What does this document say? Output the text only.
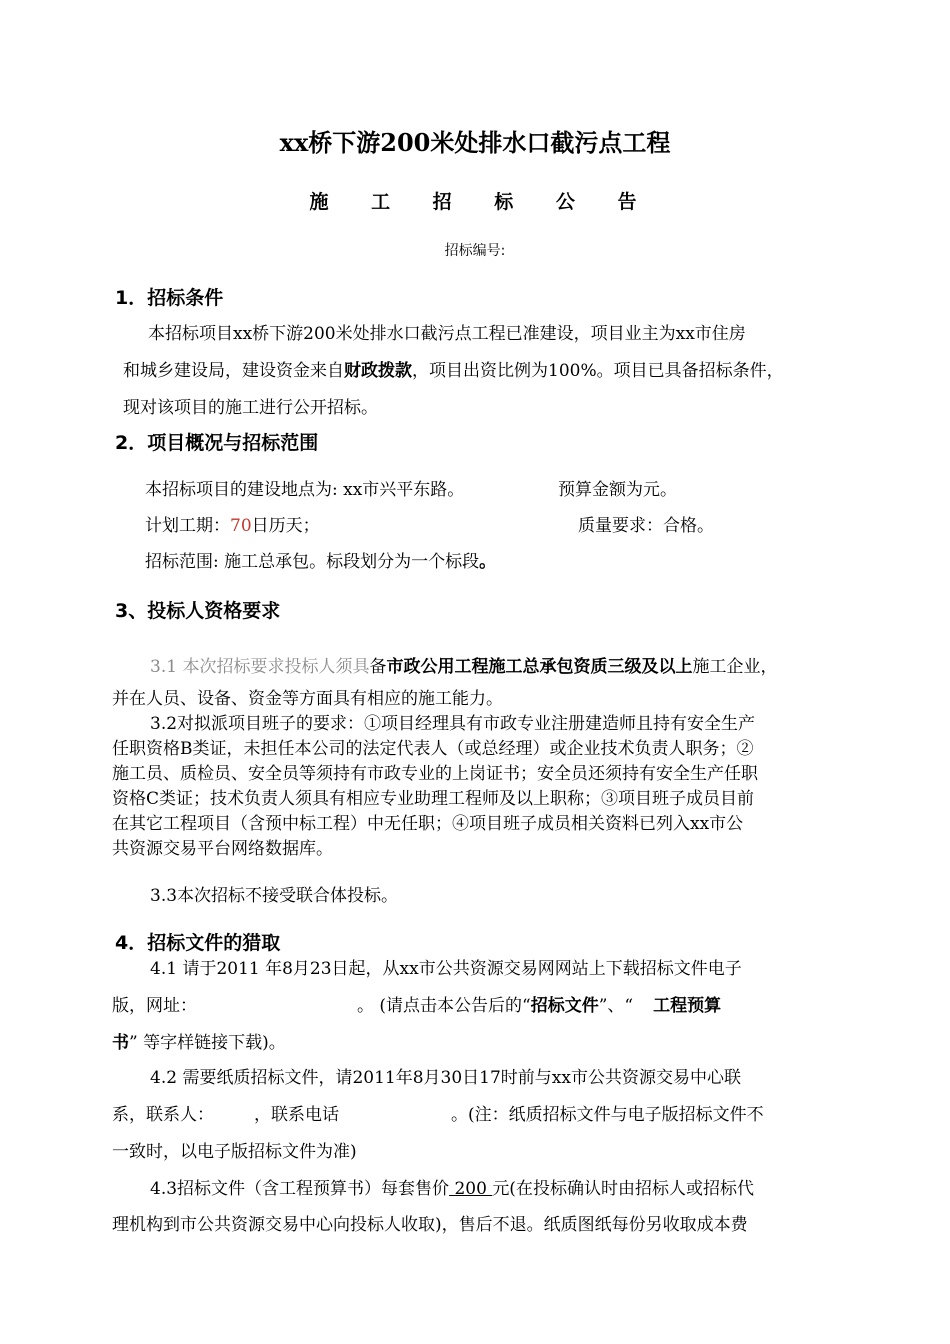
xx桥下游200米处排水口截污点工程
施 工 招 标 公 告
招标编号:
1．招标条件
本招标项目xx桥下游200米处排水口截污点工程已准建设，项目业主为xx市住房
和城乡建设局，建设资金来自财政拨款，项目出资比例为100%。项目已具备招标条件，
现对该项目的施工进行公开招标。
2．项目概况与招标范围
本招标项目的建设地点为: xx市兴平东路。	预算金额为元。
计划工期：70日历天；	质量要求：合格。
招标范围: 施工总承包。标段划分为一个标段。
3、投标人资格要求
3.1 本次招标要求投标人须具备市政公用工程施工总承包资质三级及以上施工企业，
并在人员、设备、资金等方面具有相应的施工能力。
3.2对拟派项目班子的要求：①项目经理具有市政专业注册建造师且持有安全生产
任职资格B类证，未担任本公司的法定代表人（或总经理）或企业技术负责人职务；②
施工员、质检员、安全员等须持有市政专业的上岗证书；安全员还须持有安全生产任职
资格C类证；技术负责人须具有相应专业助理工程师及以上职称；③项目班子成员目前
在其它工程项目（含预中标工程）中无任职；④项目班子成员相关资料已列入xx市公
共资源交易平台网络数据库。
3.3本次招标不接受联合体投标。
4．招标文件的猎取
4.1 请于2011 年8月23日起，从xx市公共资源交易网网站上下载招标文件电子
版，网址：	。 (请点击本公告后的“招标文件”、“ 工程预算
书” 等字样链接下载)。
4.2 需要纸质招标文件，请2011年8月30日17时前与xx市公共资源交易中心联
系，联系人： ，联系电话	。(注：纸质招标文件与电子版招标文件不
一致时，以电子版招标文件为准)
4.3招标文件（含工程预算书）每套售价 200 元(在投标确认时由招标人或招标代
理机构到市公共资源交易中心向投标人收取)，售后不退。纸质图纸每份另收取成本费
